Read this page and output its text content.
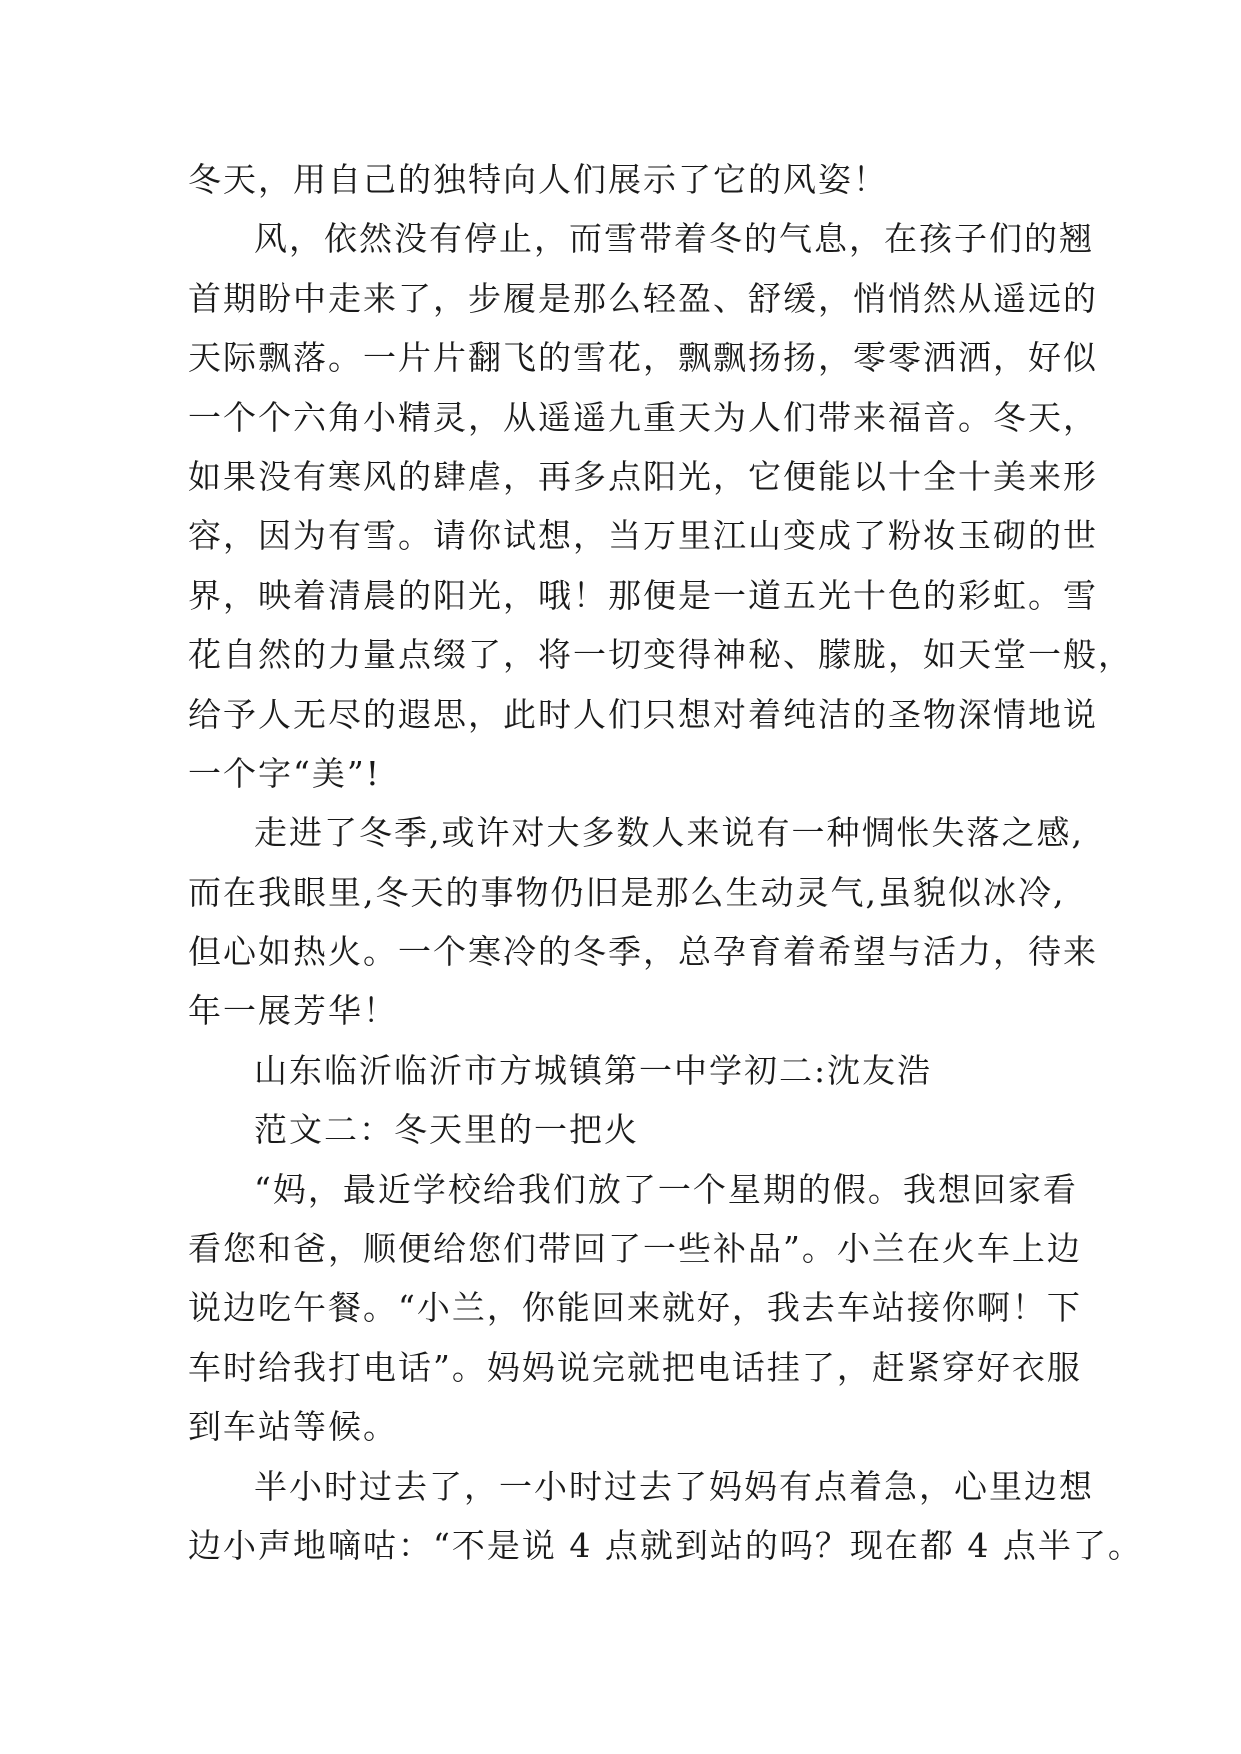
冬天，用自己的独特向人们展示了它的风姿！
风，依然没有停止，而雪带着冬的气息，在孩子们的翘
首期盼中走来了，步履是那么轻盈、舒缓，悄悄然从遥远的
天际飘落。一片片翻飞的雪花，飘飘扬扬，零零洒洒，好似
一个个六角小精灵，从遥遥九重天为人们带来福音。冬天，
如果没有寒风的肆虐，再多点阳光，它便能以十全十美来形
容，因为有雪。请你试想，当万里江山变成了粉妆玉砌的世
界，映着清晨的阳光，哦！那便是一道五光十色的彩虹。雪
花自然的力量点缀了，将一切变得神秘、朦胧，如天堂一般，
给予人无尽的遐思，此时人们只想对着纯洁的圣物深情地说
一个字“美”!
走进了冬季,或许对大多数人来说有一种惆怅失落之感,
而在我眼里,冬天的事物仍旧是那么生动灵气,虽貌似冰冷,
但心如热火。一个寒冷的冬季，总孕育着希望与活力，待来
年一展芳华！
山东临沂临沂市方城镇第一中学初二:沈友浩
范文二：冬天里的一把火
“妈，最近学校给我们放了一个星期的假。我想回家看
看您和爸，顺便给您们带回了一些补品”。小兰在火车上边
说边吃午餐。“小兰，你能回来就好，我去车站接你啊！下
车时给我打电话”。妈妈说完就把电话挂了，赶紧穿好衣服
到车站等候。
半小时过去了，一小时过去了妈妈有点着急，心里边想
边小声地嘀咕：“不是说 4 点就到站的吗？现在都 4 点半了。
